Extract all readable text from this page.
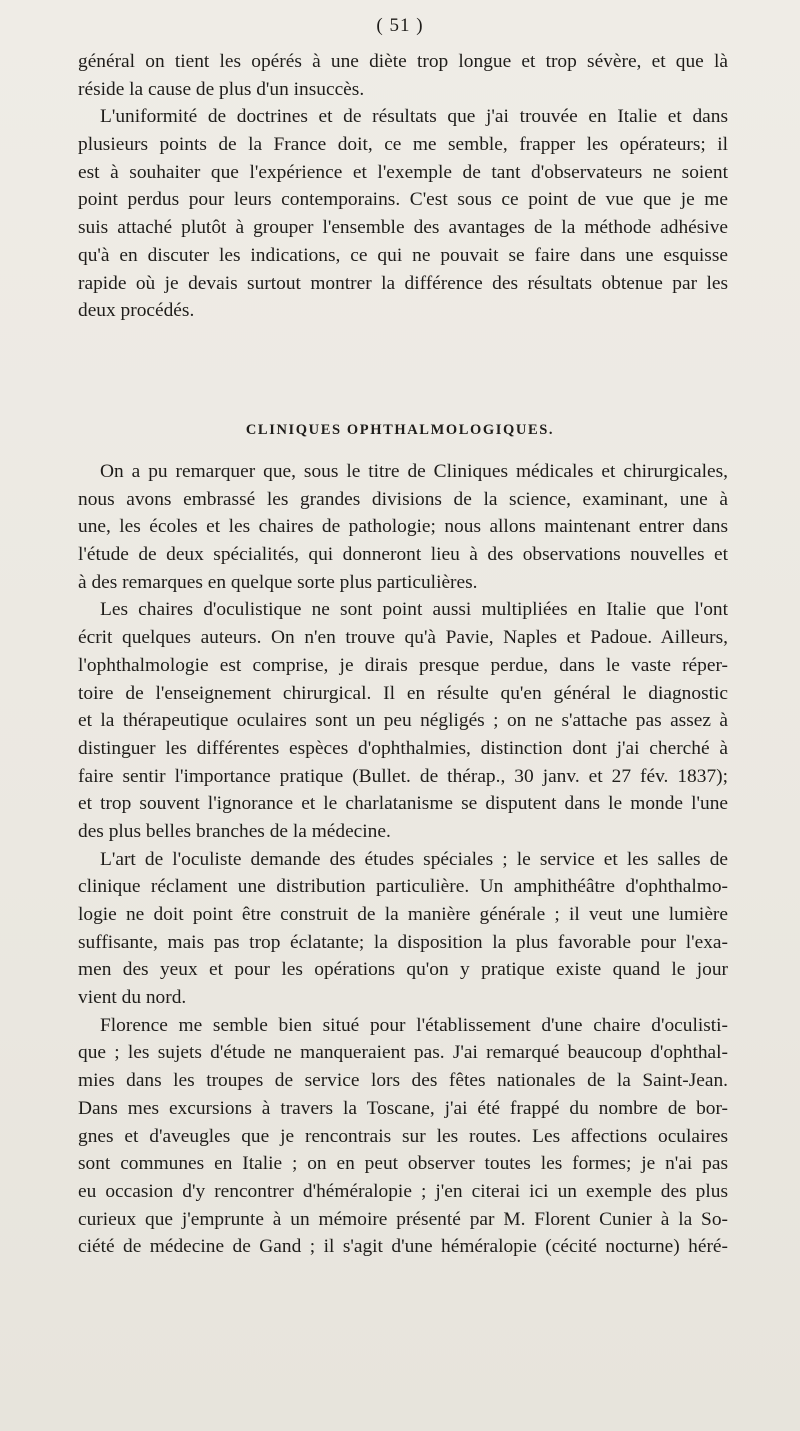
( 51 )
général on tient les opérés à une diète trop longue et trop sévère, et que là
réside la cause de plus d'un insuccès.
L'uniformité de doctrines et de résultats que j'ai trouvée en Italie et dans
plusieurs points de la France doit, ce me semble, frapper les opérateurs; il
est à souhaiter que l'expérience et l'exemple de tant d'observateurs ne soient
point perdus pour leurs contemporains. C'est sous ce point de vue que je me
suis attaché plutôt à grouper l'ensemble des avantages de la méthode adhésive
qu'à en discuter les indications, ce qui ne pouvait se faire dans une esquisse
rapide où je devais surtout montrer la différence des résultats obtenue par les
deux procédés.
CLINIQUES OPHTHALMOLOGIQUES.
On a pu remarquer que, sous le titre de Cliniques médicales et chirurgicales,
nous avons embrassé les grandes divisions de la science, examinant, une à
une, les écoles et les chaires de pathologie; nous allons maintenant entrer dans
l'étude de deux spécialités, qui donneront lieu à des observations nouvelles et
à des remarques en quelque sorte plus particulières.
Les chaires d'oculistique ne sont point aussi multipliées en Italie que l'ont
écrit quelques auteurs. On n'en trouve qu'à Pavie, Naples et Padoue. Ailleurs,
l'ophthalmologie est comprise, je dirais presque perdue, dans le vaste réper-
toire de l'enseignement chirurgical. Il en résulte qu'en général le diagnostic
et la thérapeutique oculaires sont un peu négligés ; on ne s'attache pas assez à
distinguer les différentes espèces d'ophthalmies, distinction dont j'ai cherché à
faire sentir l'importance pratique (Bullet. de thérap., 30 janv. et 27 fév. 1837);
et trop souvent l'ignorance et le charlatanisme se disputent dans le monde l'une
des plus belles branches de la médecine.
L'art de l'oculiste demande des études spéciales ; le service et les salles de
clinique réclament une distribution particulière. Un amphithéâtre d'ophthalmo-
logie ne doit point être construit de la manière générale ; il veut une lumière
suffisante, mais pas trop éclatante; la disposition la plus favorable pour l'exa-
men des yeux et pour les opérations qu'on y pratique existe quand le jour
vient du nord.
Florence me semble bien situé pour l'établissement d'une chaire d'oculisti-
que ; les sujets d'étude ne manqueraient pas. J'ai remarqué beaucoup d'ophthal-
mies dans les troupes de service lors des fêtes nationales de la Saint-Jean.
Dans mes excursions à travers la Toscane, j'ai été frappé du nombre de bor-
gnes et d'aveugles que je rencontrais sur les routes. Les affections oculaires
sont communes en Italie ; on en peut observer toutes les formes; je n'ai pas
eu occasion d'y rencontrer d'héméralopie ; j'en citerai ici un exemple des plus
curieux que j'emprunte à un mémoire présenté par M. Florent Cunier à la So-
ciété de médecine de Gand ; il s'agit d'une héméralopie (cécité nocturne) héré-
